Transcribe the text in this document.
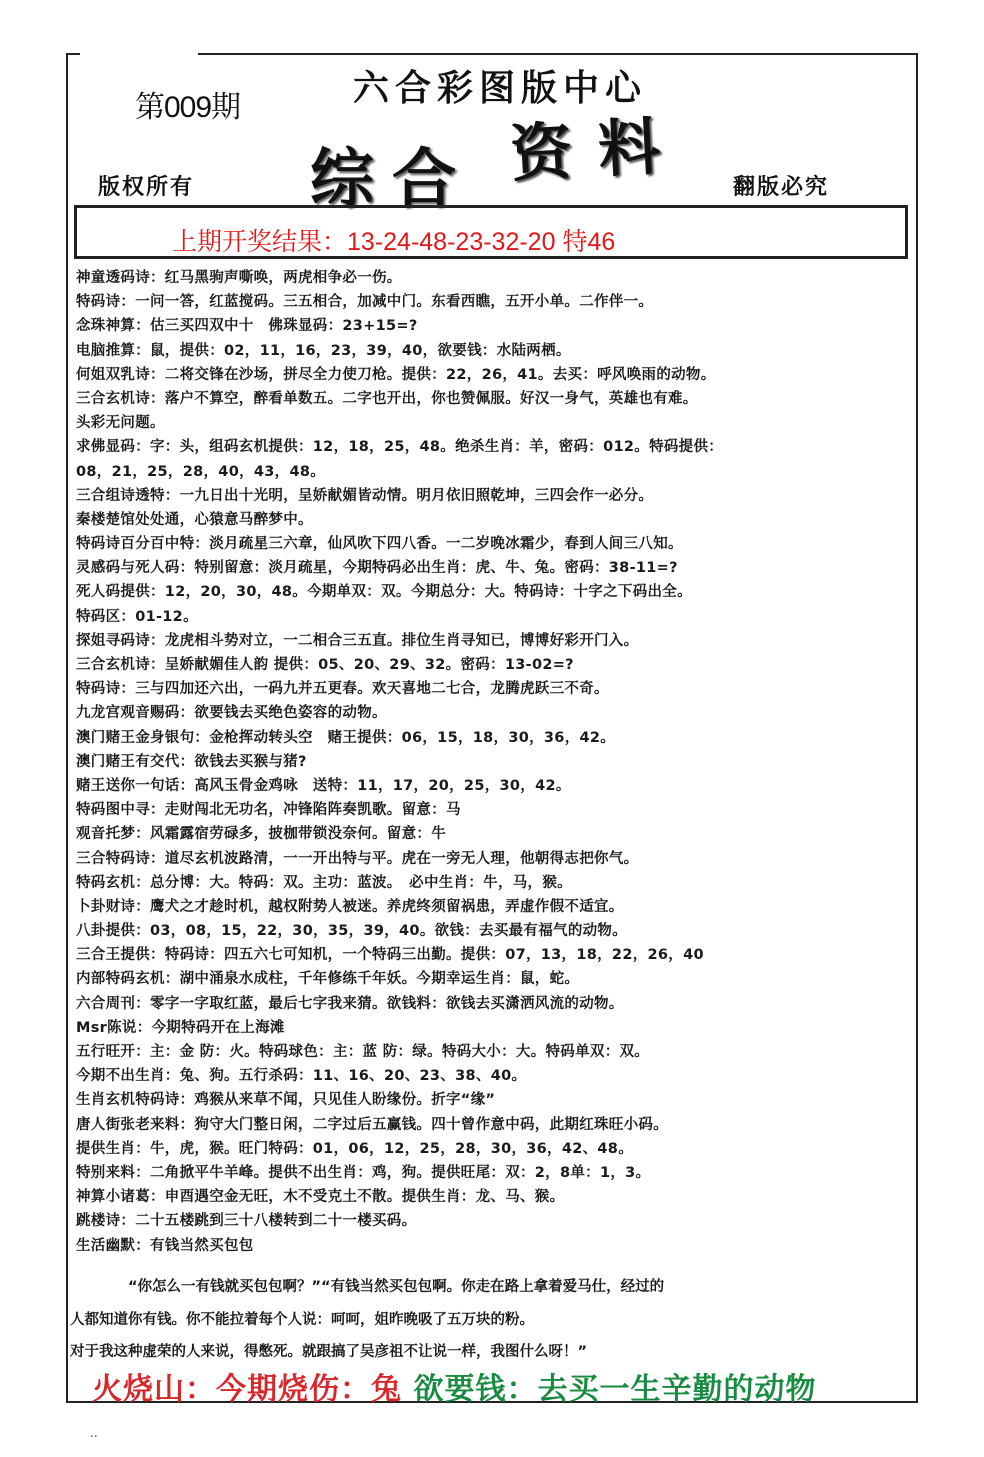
第009期	六合彩图版中心
综合 资料
版权所有	翻版必究
上期开奖结果：13-24-48-23-32-20 特46
神童透码诗：红马黑驹声嘶唤，两虎相争必一伤。
特码诗：一问一答，红蓝搅码。三五相合，加减中门。东看西瞧，五开小单。二作伴一。
念珠神算：估三买四双中十　佛珠显码：23+15=?
电脑推算：鼠，提供：02，11，16，23，39，40，欲要钱：水陆两栖。
何姐双乳诗：二将交锋在沙场，拼尽全力使刀枪。提供：22，26，41。去买：呼风唤雨的动物。
三合玄机诗：落户不算空，醉看单数五。二字也开出，你也赞佩服。好汉一身气，英雄也有难。
头彩无问题。
求佛显码：字：头，组码玄机提供：12，18，25，48。绝杀生肖：羊，密码：012。特码提供：
08，21，25，28，40，43，48。
三合组诗透特：一九日出十光明，呈娇献媚皆动情。明月依旧照乾坤，三四会作一必分。
秦楼楚馆处处通，心猿意马醉梦中。
特码诗百分百中特：淡月疏星三六章，仙风吹下四八香。一二岁晚冰霜少，春到人间三八知。
灵感码与死人码：特别留意：淡月疏星，今期特码必出生肖：虎、牛、兔。密码：38-11=?
死人码提供：12，20，30，48。今期单双：双。今期总分：大。特码诗：十字之下码出全。
特码区：01-12。
探姐寻码诗：龙虎相斗势对立，一二相合三五直。排位生肖寻知已，博博好彩开门入。
三合玄机诗：呈娇献媚佳人韵 提供：05、20、29、32。密码：13-02=?
特码诗：三与四加还六出，一码九并五更春。欢天喜地二七合，龙腾虎跃三不奇。
九龙宫观音赐码：欲要钱去买绝色姿容的动物。
澳门赌王金身银句：金枪挥动转头空　赌王提供：06，15，18，30，36，42。
澳门赌王有交代：欲钱去买猴与猪?
赌王送你一句话：高风玉骨金鸡咏　送特：11，17，20，25，30，42。
特码图中寻：走财闯北无功名，冲锋陷阵奏凯歌。留意：马
观音托梦：风霜露宿劳碌多，披枷带锁没奈何。留意：牛
三合特码诗：道尽玄机波路清，一一开出特与平。虎在一旁无人理，他朝得志把你气。
特码玄机：总分博：大。特码：双。主功：蓝波。　必中生肖：牛，马，猴。
卜卦财诗：鹰犬之才趁时机，越权附势人被迷。养虎终须留祸患，弄虚作假不适宜。
八卦提供：03，08，15，22，30，35，39，40。欲钱：去买最有福气的动物。
三合王提供：特码诗：四五六七可知机，一个特码三出勤。提供：07，13，18，22，26，40
内部特码玄机：湖中涌泉水成柱，千年修练千年妖。今期幸运生肖：鼠，蛇。
六合周刊：零字一字取红蓝，最后七字我来猜。欲钱料：欲钱去买潇洒风流的动物。
Msr陈说：今期特码开在上海滩
五行旺开：主：金 防：火。特码球色：主：蓝 防：绿。特码大小：大。特码单双：双。
今期不出生肖：兔、狗。五行杀码：11、16、20、23、38、40。
生肖玄机特码诗：鸡猴从来草不闻，只见佳人盼缘份。折字“缘”
唐人街张老来料：狗守大门整日闲，二字过后五赢钱。四十曾作意中码，此期红珠旺小码。
提供生肖：牛，虎，猴。旺门特码：01，06，12，25，28，30，36，42、48。
特别来料：二角掀平牛羊峰。提供不出生肖：鸡，狗。提供旺尾：双：2，8单：1，3。
神算小诸葛：申酉遇空金无旺，木不受克土不散。提供生肖：龙、马、猴。
跳楼诗：二十五楼跳到三十八楼转到二十一楼买码。
生活幽默：有钱当然买包包
“你怎么一有钱就买包包啊？”“有钱当然买包包啊。你走在路上拿着爱马仕，经过的
人都知道你有钱。你不能拉着每个人说：呵呵，姐昨晚吸了五万块的粉。
对于我这种虚荣的人来说，得憋死。就跟搞了吴彦祖不让说一样，我图什么呀！”
火烧山：今期烧伤：兔 欲要钱：去买一生辛勤的动物
..
